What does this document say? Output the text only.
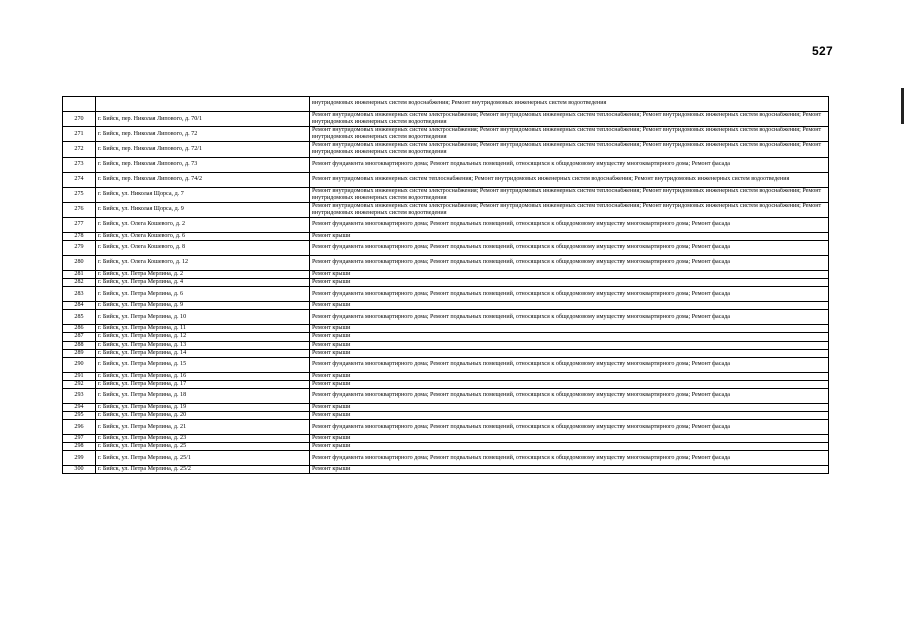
527
		внутридомовых инженерных систем водоснабжения; Ремонт внутридомовых инженерных систем водоотведения
270	г. Бийск, пер. Николая Липового, д. 70/1	Ремонт внутридомовых инженерных систем электроснабжения; Ремонт внутридомовых инженерных систем теплоснабжения; Ремонт внутридомовых инженерных систем водоснабжения; Ремонт внутридомовых инженерных систем водоотведения
271	г. Бийск, пер. Николая Липового, д. 72	Ремонт внутридомовых инженерных систем электроснабжения; Ремонт внутридомовых инженерных систем теплоснабжения; Ремонт внутридомовых инженерных систем водоснабжения; Ремонт внутридомовых инженерных систем водоотведения
272	г. Бийск, пер. Николая Липового, д. 72/1	Ремонт внутридомовых инженерных систем электроснабжения; Ремонт внутридомовых инженерных систем теплоснабжения; Ремонт внутридомовых инженерных систем водоснабжения; Ремонт внутридомовых инженерных систем водоотведения
273	г. Бийск, пер. Николая Липового, д. 73	Ремонт фундамента многоквартирного дома; Ремонт подвальных помещений, относящихся к общедомовому имуществу многоквартирного дома; Ремонт фасада
274	г. Бийск, пер. Николая Липового, д. 74/2	Ремонт внутридомовых инженерных систем теплоснабжения; Ремонт внутридомовых инженерных систем водоснабжения; Ремонт внутридомовых инженерных систем водоотведения
275	г. Бийск, ул. Николая Щорса, д. 7	Ремонт внутридомовых инженерных систем электроснабжения; Ремонт внутридомовых инженерных систем теплоснабжения; Ремонт внутридомовых инженерных систем водоснабжения; Ремонт внутридомовых инженерных систем водоотведения
276	г. Бийск, ул. Николая Щорса, д. 9	Ремонт внутридомовых инженерных систем электроснабжения; Ремонт внутридомовых инженерных систем теплоснабжения; Ремонт внутридомовых инженерных систем водоснабжения; Ремонт внутридомовых инженерных систем водоотведения
277	г. Бийск, ул. Олега Кошевого, д. 2	Ремонт фундамента многоквартирного дома; Ремонт подвальных помещений, относящихся к общедомовому имуществу многоквартирного дома; Ремонт фасада
278	г. Бийск, ул. Олега Кошевого, д. 6	Ремонт крыши
279	г. Бийск, ул. Олега Кошевого, д. 8	Ремонт фундамента многоквартирного дома; Ремонт подвальных помещений, относящихся к общедомовому имуществу многоквартирного дома; Ремонт фасада
280	г. Бийск, ул. Олега Кошевого, д. 12	Ремонт фундамента многоквартирного дома; Ремонт подвальных помещений, относящихся к общедомовому имуществу многоквартирного дома; Ремонт фасада
281	г. Бийск, ул. Петра Мерлина, д. 2	Ремонт крыши
282	г. Бийск, ул. Петра Мерлина, д. 4	Ремонт крыши
283	г. Бийск, ул. Петра Мерлина, д. 6	Ремонт фундамента многоквартирного дома; Ремонт подвальных помещений, относящихся к общедомовому имуществу многоквартирного дома; Ремонт фасада
284	г. Бийск, ул. Петра Мерлина, д. 9	Ремонт крыши
285	г. Бийск, ул. Петра Мерлина, д. 10	Ремонт фундамента многоквартирного дома; Ремонт подвальных помещений, относящихся к общедомовому имуществу многоквартирного дома; Ремонт фасада
286	г. Бийск, ул. Петра Мерлина, д. 11	Ремонт крыши
287	г. Бийск, ул. Петра Мерлина, д. 12	Ремонт крыши
288	г. Бийск, ул. Петра Мерлина, д. 13	Ремонт крыши
289	г. Бийск, ул. Петра Мерлина, д. 14	Ремонт крыши
290	г. Бийск, ул. Петра Мерлина, д. 15	Ремонт фундамента многоквартирного дома; Ремонт подвальных помещений, относящихся к общедомовому имуществу многоквартирного дома; Ремонт фасада
291	г. Бийск, ул. Петра Мерлина, д. 16	Ремонт крыши
292	г. Бийск, ул. Петра Мерлина, д. 17	Ремонт крыши
293	г. Бийск, ул. Петра Мерлина, д. 18	Ремонт фундамента многоквартирного дома; Ремонт подвальных помещений, относящихся к общедомовому имуществу многоквартирного дома; Ремонт фасада
294	г. Бийск, ул. Петра Мерлина, д. 19	Ремонт крыши
295	г. Бийск, ул. Петра Мерлина, д. 20	Ремонт крыши
296	г. Бийск, ул. Петра Мерлина, д. 21	Ремонт фундамента многоквартирного дома; Ремонт подвальных помещений, относящихся к общедомовому имуществу многоквартирного дома; Ремонт фасада
297	г. Бийск, ул. Петра Мерлина, д. 23	Ремонт крыши
298	г. Бийск, ул. Петра Мерлина, д. 25	Ремонт крыши
299	г. Бийск, ул. Петра Мерлина, д. 25/1	Ремонт фундамента многоквартирного дома; Ремонт подвальных помещений, относящихся к общедомовому имуществу многоквартирного дома; Ремонт фасада
300	г. Бийск, ул. Петра Мерлина, д. 25/2	Ремонт крыши
